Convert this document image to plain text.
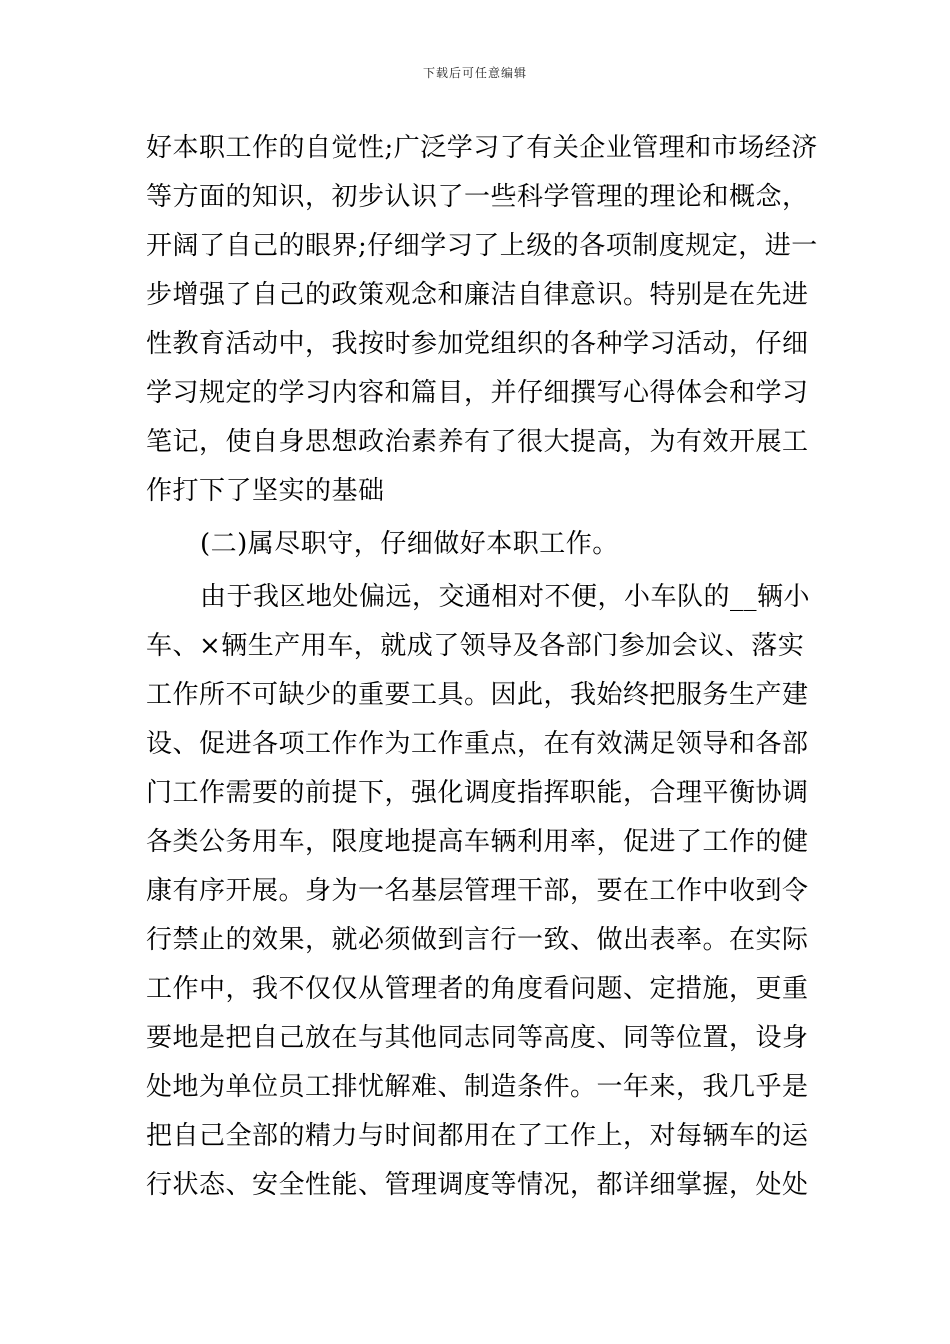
下载后可任意编辑
好本职工作的自觉性;广泛学习了有关企业管理和市场经济
等方面的知识，初步认识了一些科学管理的理论和概念，
开阔了自己的眼界;仔细学习了上级的各项制度规定，进一
步增强了自己的政策观念和廉洁自律意识。特别是在先进
性教育活动中，我按时参加党组织的各种学习活动，仔细
学习规定的学习内容和篇目，并仔细撰写心得体会和学习
笔记，使自身思想政治素养有了很大提高，为有效开展工
作打下了坚实的基础
(二)属尽职守，仔细做好本职工作。
由于我区地处偏远，交通相对不便，小车队的__辆小
车、×辆生产用车，就成了领导及各部门参加会议、落实
工作所不可缺少的重要工具。因此，我始终把服务生产建
设、促进各项工作作为工作重点，在有效满足领导和各部
门工作需要的前提下，强化调度指挥职能，合理平衡协调
各类公务用车，限度地提高车辆利用率，促进了工作的健
康有序开展。身为一名基层管理干部，要在工作中收到令
行禁止的效果，就必须做到言行一致、做出表率。在实际
工作中，我不仅仅从管理者的角度看问题、定措施，更重
要地是把自己放在与其他同志同等高度、同等位置，设身
处地为单位员工排忧解难、制造条件。一年来，我几乎是
把自己全部的精力与时间都用在了工作上，对每辆车的运
行状态、安全性能、管理调度等情况，都详细掌握，处处
